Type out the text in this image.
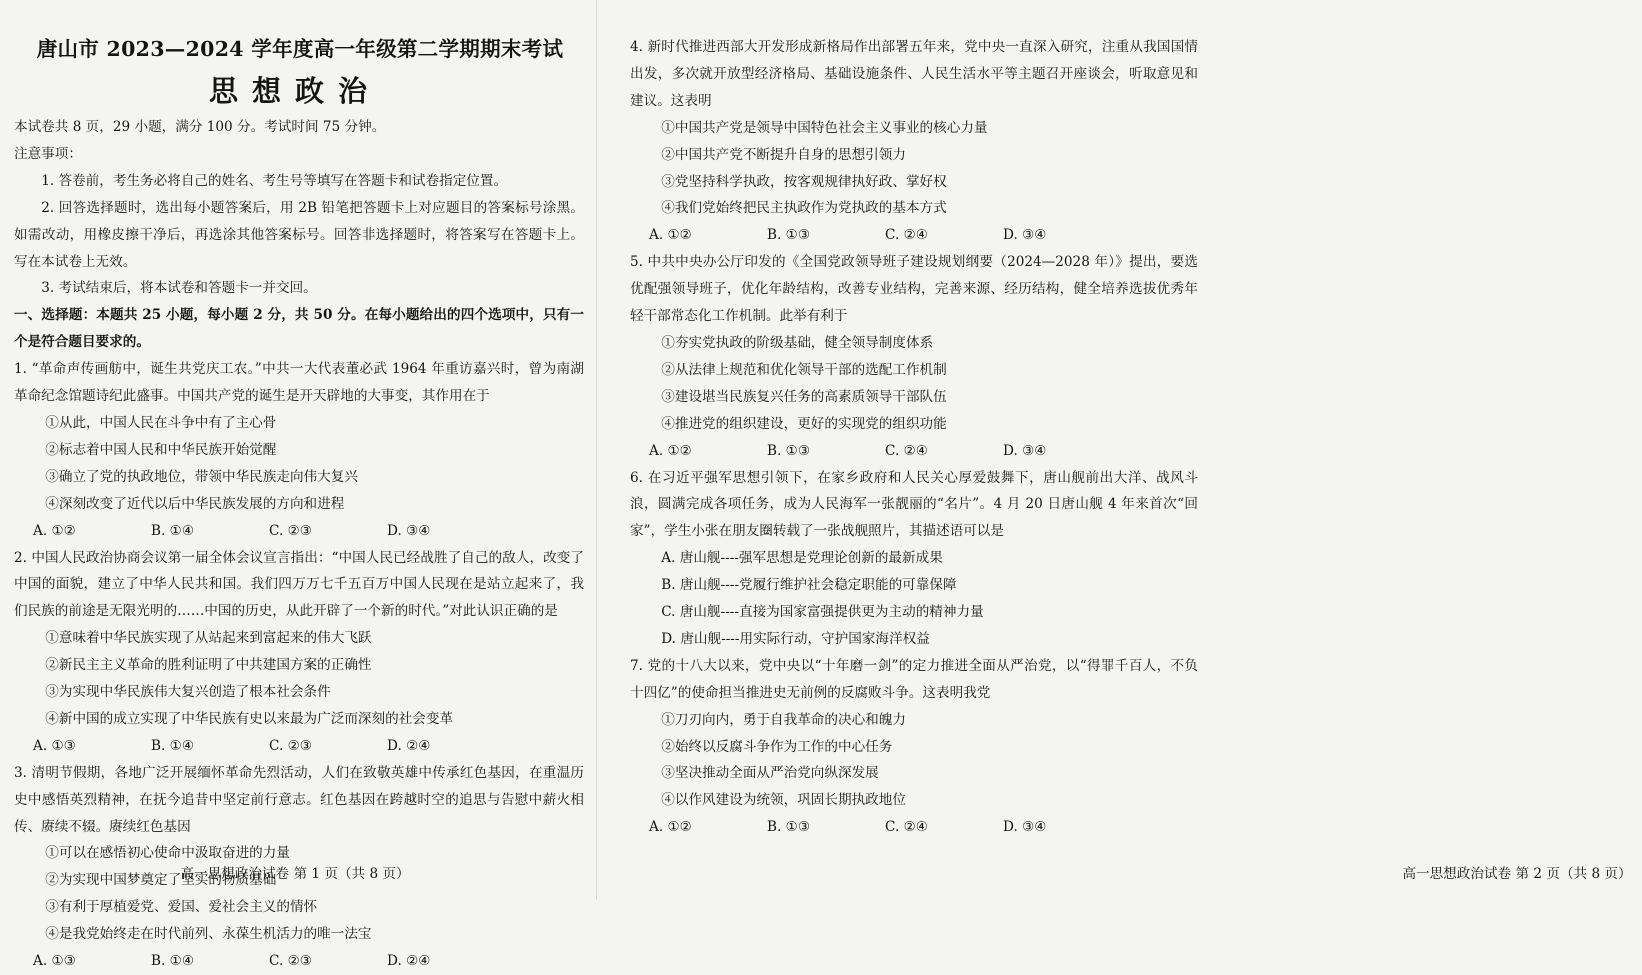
唐山市 2023—2024 学年度高一年级第二学期期末考试
思想政治

本试卷共 8 页，29 小题，满分 100 分。考试时间 75 分钟。

注意事项：

1. 答卷前，考生务必将自己的姓名、考生号等填写在答题卡和试卷指定位置。

2. 回答选择题时，选出每小题答案后，用 2B 铅笔把答题卡上对应题目的答案标号涂黑。如需改动，用橡皮擦干净后，再选涂其他答案标号。回答非选择题时，将答案写在答题卡上。写在本试卷上无效。

3. 考试结束后，将本试卷和答题卡一并交回。

一、选择题：本题共 25 小题，每小题 2 分，共 50 分。在每小题给出的四个选项中，只有一个是符合题目要求的。

1. “革命声传画舫中，诞生共党庆工农。”中共一大代表董必武 1964 年重访嘉兴时，曾为南湖革命纪念馆题诗纪此盛事。中国共产党的诞生是开天辟地的大事变，其作用在于

①从此，中国人民在斗争中有了主心骨

②标志着中国人民和中华民族开始觉醒

③确立了党的执政地位，带领中华民族走向伟大复兴

④深刻改变了近代以后中华民族发展的方向和进程

A. ①②	B. ①④	C. ②③	D. ③④

2. 中国人民政治协商会议第一届全体会议宣言指出：“中国人民已经战胜了自己的敌人，改变了中国的面貌，建立了中华人民共和国。我们四万万七千五百万中国人民现在是站立起来了，我们民族的前途是无限光明的……中国的历史，从此开辟了一个新的时代。”对此认识正确的是

①意味着中华民族实现了从站起来到富起来的伟大飞跃

②新民主主义革命的胜利证明了中共建国方案的正确性

③为实现中华民族伟大复兴创造了根本社会条件

④新中国的成立实现了中华民族有史以来最为广泛而深刻的社会变革

A. ①③	B. ①④	C. ②③	D. ②④

3. 清明节假期，各地广泛开展缅怀革命先烈活动，人们在致敬英雄中传承红色基因，在重温历史中感悟英烈精神，在抚今追昔中坚定前行意志。红色基因在跨越时空的追思与告慰中薪火相传、赓续不辍。赓续红色基因

①可以在感悟初心使命中汲取奋进的力量

②为实现中国梦奠定了坚实的物质基础

③有利于厚植爱党、爱国、爱社会主义的情怀

④是我党始终走在时代前列、永葆生机活力的唯一法宝

A. ①③	B. ①④	C. ②③	D. ②④
高一思想政治试卷 第 1 页（共 8 页）

4. 新时代推进西部大开发形成新格局作出部署五年来，党中央一直深入研究，注重从我国国情出发，多次就开放型经济格局、基础设施条件、人民生活水平等主题召开座谈会，听取意见和建议。这表明

①中国共产党是领导中国特色社会主义事业的核心力量

②中国共产党不断提升自身的思想引领力

③党坚持科学执政，按客观规律执好政、掌好权

④我们党始终把民主执政作为党执政的基本方式

A. ①②	B. ①③	C. ②④	D. ③④

5. 中共中央办公厅印发的《全国党政领导班子建设规划纲要（2024—2028 年）》提出，要选优配强领导班子，优化年龄结构，改善专业结构，完善来源、经历结构，健全培养选拔优秀年轻干部常态化工作机制。此举有利于

①夯实党执政的阶级基础，健全领导制度体系

②从法律上规范和优化领导干部的选配工作机制

③建设堪当民族复兴任务的高素质领导干部队伍

④推进党的组织建设，更好的实现党的组织功能

A. ①②	B. ①③	C. ②④	D. ③④

6. 在习近平强军思想引领下，在家乡政府和人民关心厚爱鼓舞下，唐山舰前出大洋、战风斗浪，圆满完成各项任务，成为人民海军一张靓丽的“名片”。4 月 20 日唐山舰 4 年来首次“回家”，学生小张在朋友圈转载了一张战舰照片，其描述语可以是

A. 唐山舰----强军思想是党理论创新的最新成果

B. 唐山舰----党履行维护社会稳定职能的可靠保障

C. 唐山舰----直接为国家富强提供更为主动的精神力量

D. 唐山舰----用实际行动，守护国家海洋权益

7. 党的十八大以来，党中央以“十年磨一剑”的定力推进全面从严治党，以“得罪千百人，不负十四亿”的使命担当推进史无前例的反腐败斗争。这表明我党

①刀刃向内，勇于自我革命的决心和魄力

②始终以反腐斗争作为工作的中心任务

③坚决推动全面从严治党向纵深发展

④以作风建设为统领，巩固长期执政地位

A. ①②	B. ①③	C. ②④	D. ③④
高一思想政治试卷 第 2 页（共 8 页）
